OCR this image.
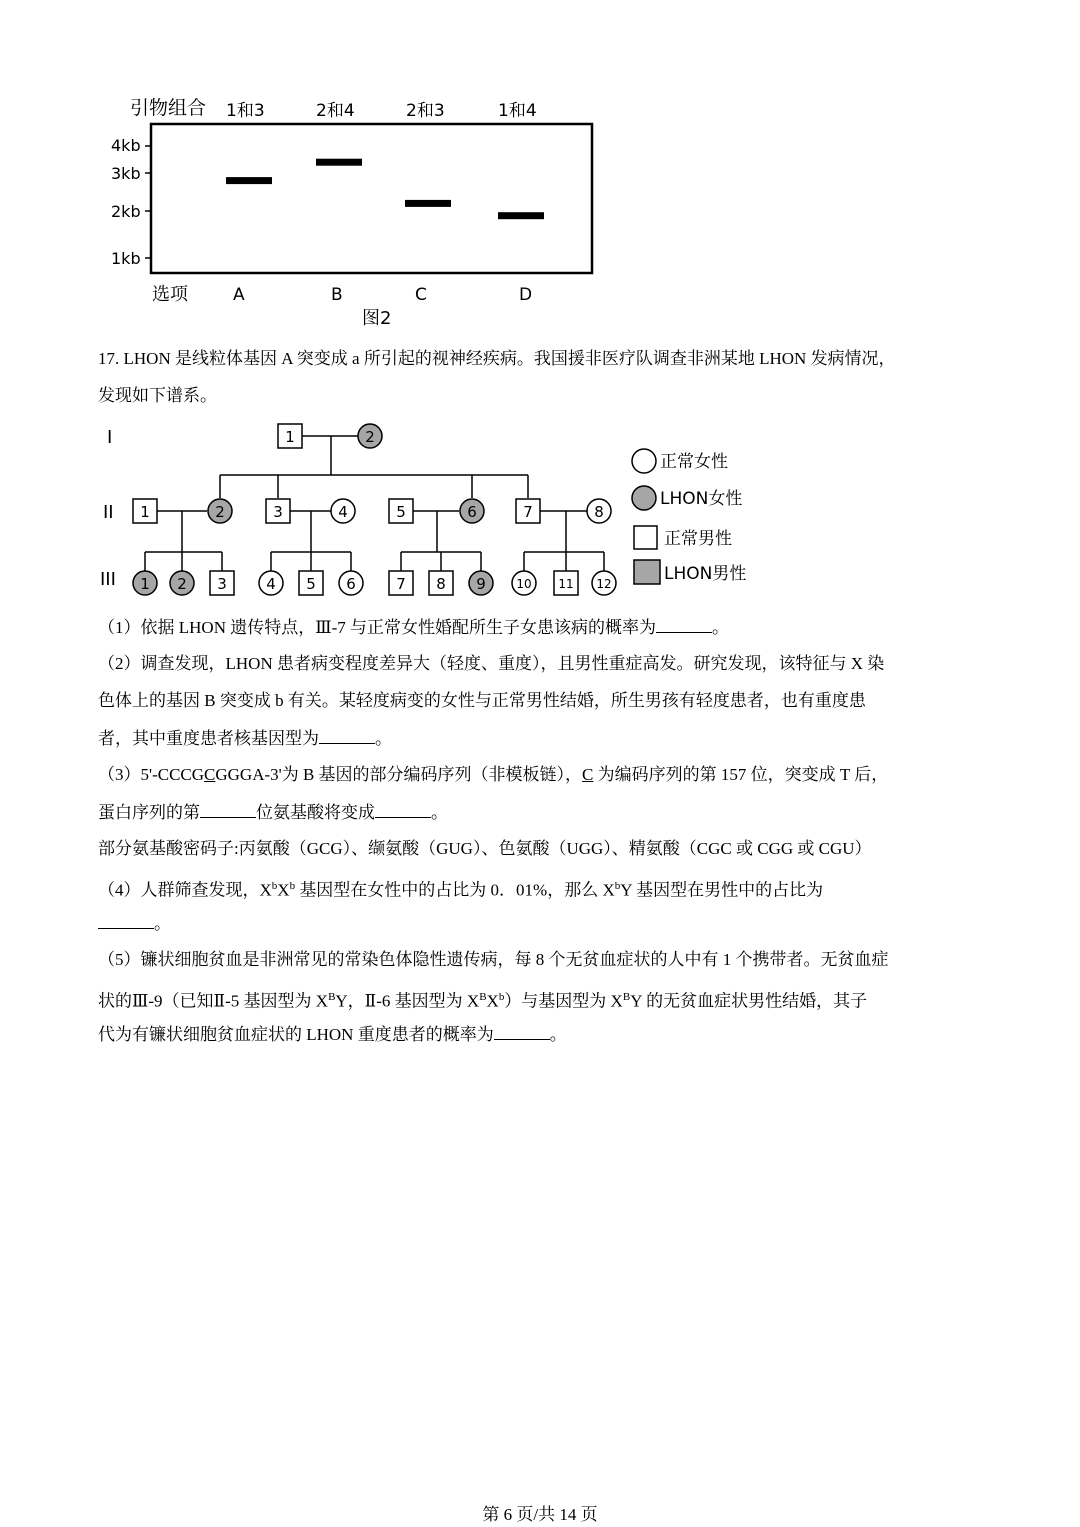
引物组合 1和3	2和4	2和3	1和4
4kb
3kb
2kb
1kb
选项	A	B	C	D
图2
17. LHON 是线粒体基因 A 突变成 a 所引起的视神经疾病。我国援非医疗队调查非洲某地 LHON 发病情况，
发现如下谱系。
I
II
III
1	2
1	2	3	4	5	6	7	8
1 2 3	4 5 6	7 8 9	10 11 12
正常女性
LHON女性
正常男性
LHON男性
（1）依据 LHON 遗传特点，Ⅲ-7 与正常女性婚配所生子女患该病的概率为	。
（2）调查发现，LHON 患者病变程度差异大（轻度、重度），且男性重症高发。研究发现，该特征与 X 染
色体上的基因 B 突变成 b 有关。某轻度病变的女性与正常男性结婚，所生男孩有轻度患者，也有重度患
者，其中重度患者核基因型为	。
（3）5'-CCCGCGGGA-3'为 B 基因的部分编码序列（非模板链），C 为编码序列的第 157 位，突变成 T 后，
蛋白序列的第	位氨基酸将变成	。
部分氨基酸密码子:丙氨酸（GCG）、缬氨酸（GUG）、色氨酸（UGG）、精氨酸（CGC 或 CGG 或 CGU）
（4）人群筛查发现，$X^bX^b$ 基因型在女性中的占比为 0．01%，那么 $X^bY$ 基因型在男性中的占比为
。
（5）镰状细胞贫血是非洲常见的常染色体隐性遗传病，每 8 个无贫血症状的人中有 1 个携带者。无贫血症
状的Ⅲ-9（已知Ⅱ-5 基因型为 $X^BY$，Ⅱ-6 基因型为 $X^BX^b$）与基因型为 $X^BY$ 的无贫血症状男性结婚，其子
代为有镰状细胞贫血症状的 LHON 重度患者的概率为	。
第 6 页/共 14 页
